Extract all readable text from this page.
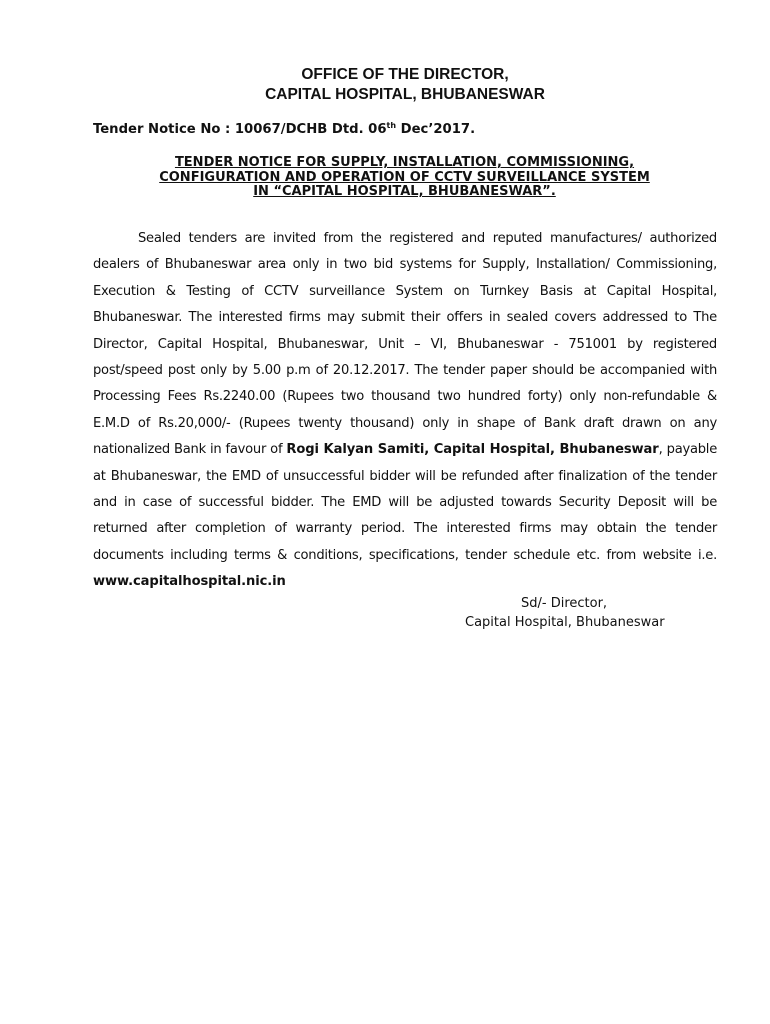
OFFICE OF THE DIRECTOR,
CAPITAL HOSPITAL, BHUBANESWAR
Tender Notice No : 10067/DCHB Dtd. 06th Dec’2017.
TENDER NOTICE FOR SUPPLY, INSTALLATION, COMMISSIONING,
CONFIGURATION AND OPERATION OF CCTV SURVEILLANCE SYSTEM
IN “CAPITAL HOSPITAL, BHUBANESWAR”.
Sealed tenders are invited from the registered and reputed manufactures/ authorized dealers of Bhubaneswar area only in two bid systems for Supply, Installation/ Commissioning, Execution & Testing of CCTV surveillance System on Turnkey Basis at Capital Hospital, Bhubaneswar. The interested firms may submit their offers in sealed covers addressed to The Director, Capital Hospital, Bhubaneswar, Unit – VI, Bhubaneswar - 751001 by registered post/speed post only by 5.00 p.m of 20.12.2017. The tender paper should be accompanied with Processing Fees Rs.2240.00 (Rupees two thousand two hundred forty) only non-refundable & E.M.D of Rs.20,000/- (Rupees twenty thousand) only in shape of Bank draft drawn on any nationalized Bank in favour of Rogi Kalyan Samiti, Capital Hospital, Bhubaneswar, payable at Bhubaneswar, the EMD of unsuccessful bidder will be refunded after finalization of the tender and in case of successful bidder. The EMD will be adjusted towards Security Deposit will be returned after completion of warranty period. The interested firms may obtain the tender documents including terms & conditions, specifications, tender schedule etc. from website i.e. www.capitalhospital.nic.in
Sd/- Director,
Capital Hospital, Bhubaneswar
